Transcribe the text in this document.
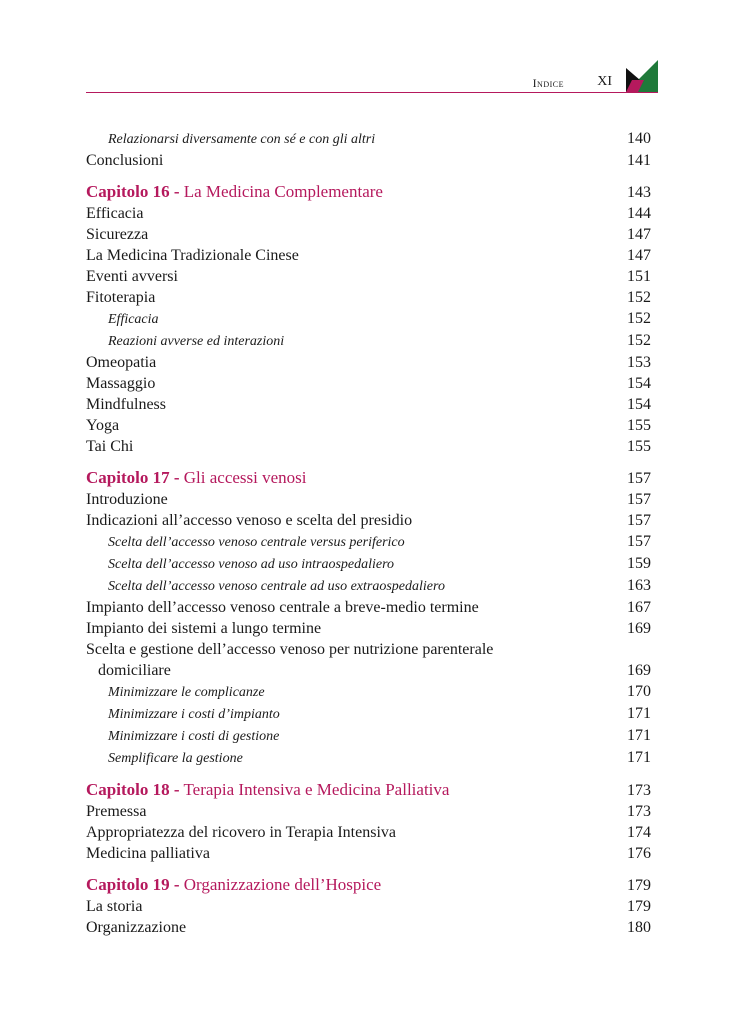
Indice XI
Relazionarsi diversamente con sé e con gli altri	140
Conclusioni	141
Capitolo 16 - La Medicina Complementare	143
Efficacia	144
Sicurezza	147
La Medicina Tradizionale Cinese	147
Eventi avversi	151
Fitoterapia	152
Efficacia	152
Reazioni avverse ed interazioni	152
Omeopatia	153
Massaggio	154
Mindfulness	154
Yoga	155
Tai Chi	155
Capitolo 17 - Gli accessi venosi	157
Introduzione	157
Indicazioni all’accesso venoso e scelta del presidio	157
Scelta dell’accesso venoso centrale versus periferico	157
Scelta dell’accesso venoso ad uso intraospedaliero	159
Scelta dell’accesso venoso centrale ad uso extraospedaliero	163
Impianto dell’accesso venoso centrale a breve-medio termine	167
Impianto dei sistemi a lungo termine	169
Scelta e gestione dell’accesso venoso per nutrizione parenterale
domiciliare	169
Minimizzare le complicanze	170
Minimizzare i costi d’impianto	171
Minimizzare i costi di gestione	171
Semplificare la gestione	171
Capitolo 18 - Terapia Intensiva e Medicina Palliativa	173
Premessa	173
Appropriatezza del ricovero in Terapia Intensiva	174
Medicina palliativa	176
Capitolo 19 - Organizzazione dell’Hospice	179
La storia	179
Organizzazione	180
